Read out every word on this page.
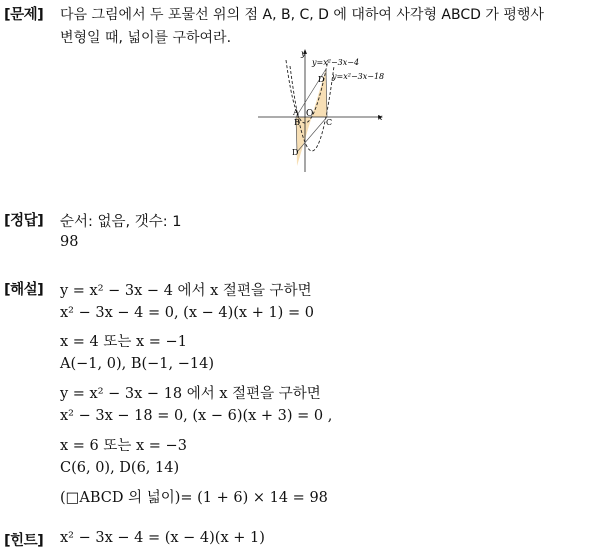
[문제] 다음 그림에서 두 포물선 위의 점 A, B, C, D 에 대하여 사각형 ABCD 가 평행사
변형일 때, 넓이를 구하여라.
y=x²−3x−4
y=x²−3x−18
x
y
O
A
B	C
D
D
[정답] 순서: 없음, 갯수: 1
98
[해설] y = x² − 3x − 4 에서 x 절편을 구하면
x² − 3x − 4 = 0, (x − 4)(x + 1) = 0
x = 4 또는 x = −1
A(−1, 0), B(−1, −14)
y = x² − 3x − 18 에서 x 절편을 구하면
x² − 3x − 18 = 0, (x − 6)(x + 3) = 0 ,
x = 6 또는 x = −3
C(6, 0), D(6, 14)
(□ABCD 의 넓이)= (1 + 6) × 14 = 98
[힌트] x² − 3x − 4 = (x − 4)(x + 1)
